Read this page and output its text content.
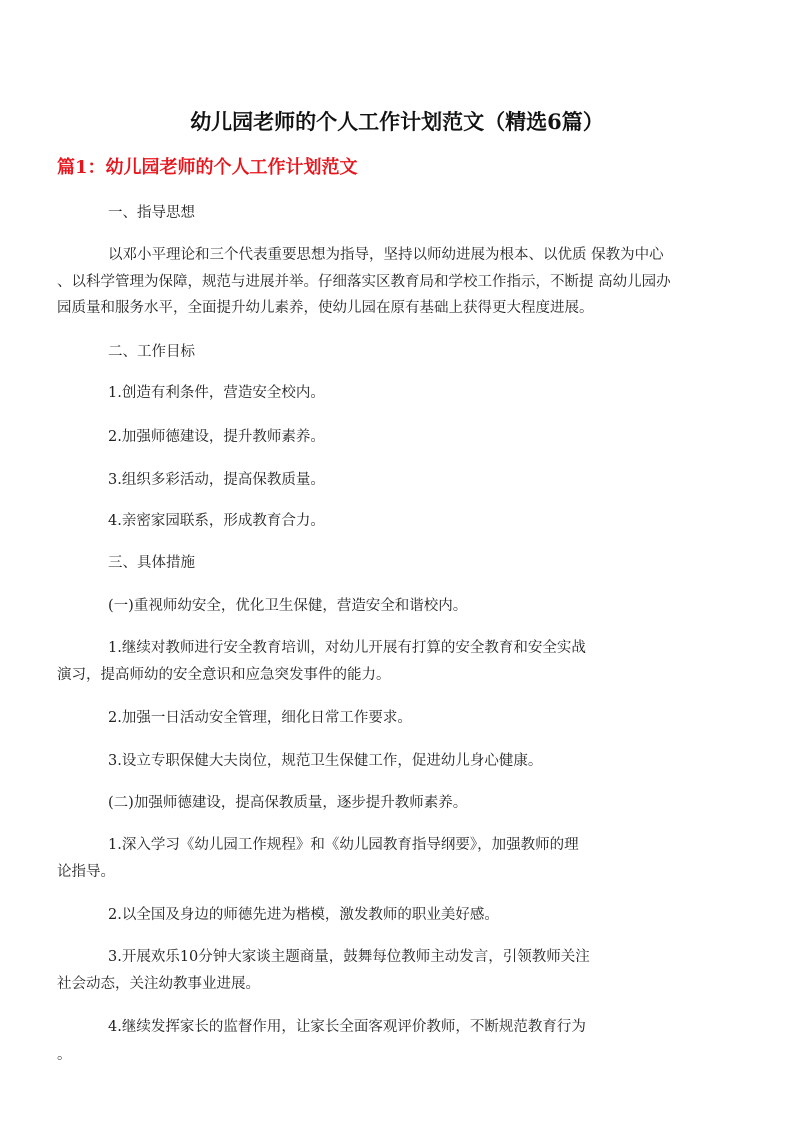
幼儿园老师的个人工作计划范文（精选6篇）
篇1：幼儿园老师的个人工作计划范文
一、指导思想
以邓小平理论和三个代表重要思想为指导，坚持以师幼进展为根本、以优质 保教为中心
、以科学管理为保障，规范与进展并举。仔细落实区教育局和学校工作指示，不断提 高幼儿园办
园质量和服务水平，全面提升幼儿素养，使幼儿园在原有基础上获得更大程度进展。
二、工作目标
1.创造有利条件，营造安全校内。
2.加强师德建设，提升教师素养。
3.组织多彩活动，提高保教质量。
4.亲密家园联系，形成教育合力。
三、具体措施
(一)重视师幼安全，优化卫生保健，营造安全和谐校内。
1.继续对教师进行安全教育培训，对幼儿开展有打算的安全教育和安全实战
演习，提高师幼的安全意识和应急突发事件的能力。
2.加强一日活动安全管理，细化日常工作要求。
3.设立专职保健大夫岗位，规范卫生保健工作，促进幼儿身心健康。
(二)加强师德建设，提高保教质量，逐步提升教师素养。
1.深入学习《幼儿园工作规程》和《幼儿园教育指导纲要》，加强教师的理
论指导。
2.以全国及身边的师德先进为楷模，激发教师的职业美好感。
3.开展欢乐10分钟大家谈主题商量，鼓舞每位教师主动发言，引领教师关注
社会动态，关注幼教事业进展。
4.继续发挥家长的监督作用，让家长全面客观评价教师，不断规范教育行为
。
